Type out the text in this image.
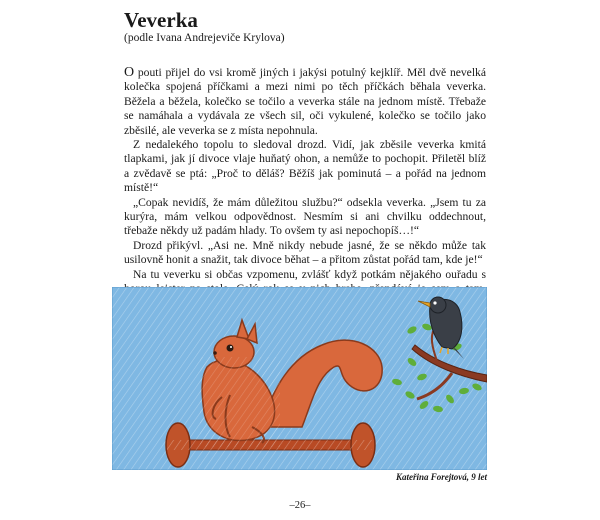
Veverka
(podle Ivana Andrejeviče Krylova)

O pouti přijel do vsi kromě jiných i jakýsi potulný kejklíř. Měl dvě nevelká kolečka spojená příčkami a mezi nimi po těch příčkách běhala veverka. Běžela a běžela, kolečko se točilo a veverka stále na jednom místě. Třebaže se namáhala a vydávala ze všech sil, oči vykulené, kolečko se točilo jako zběsilé, ale veverka se z místa nepohnula.

Z nedalekého topolu to sledoval drozd. Vidí, jak zběsile veverka kmitá tlapkami, jak jí divoce vlaje huňatý ohon, a nemůže to pochopit. Přiletěl blíž a zvědavě se ptá: „Proč to děláš? Běžíš jak pominutá – a pořád na jednom místě!“

„Copak nevidíš, že mám důležitou službu?“ odsekla veverka. „Jsem tu za kurýra, mám velkou odpovědnost. Nesmím si ani chvilku oddechnout, třebaže někdy už padám hlady. To ovšem ty asi nepochopíš…!“

Drozd přikývl. „Asi ne. Mně nikdy nebude jasné, že se někdo může tak usilovně honit a snažit, tak divoce běhat – a přitom zůstat pořád tam, kde je!“

Na tu veverku si občas vzpomenu, zvlášť když potkám nějakého ouřadu s

Kateřina Forejtová, 9 let
–26–
